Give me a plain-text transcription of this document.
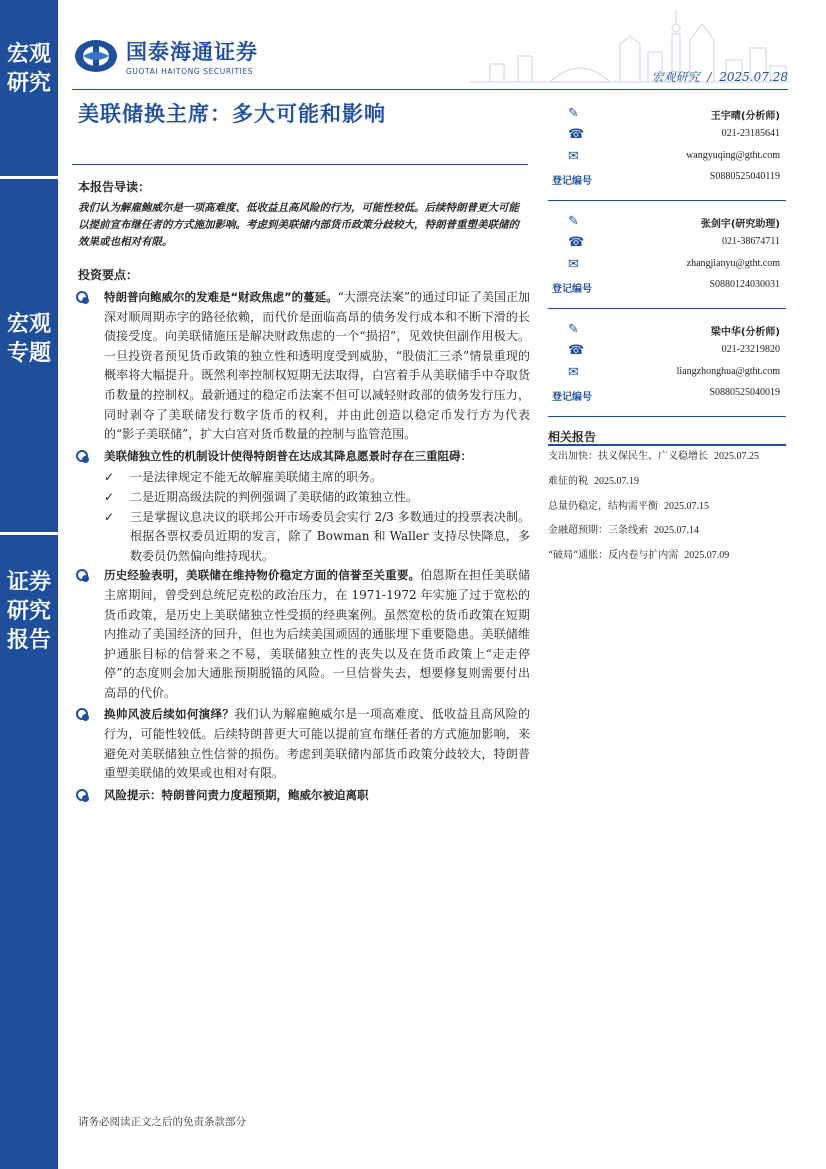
宏观研究
宏观专题
证券研究报告
国泰海通证券
GUOTAI HAITONG SECURITIES	宏观研究 / 2025.07.28
美联储换主席：多大可能和影响
本报告导读：
我们认为解雇鲍威尔是一项高难度、低收益且高风险的行为，可能性较低。后续特朗普更大可能以提前宣布继任者的方式施加影响。考虑到美联储内部货币政策分歧较大，特朗普重塑美联储的效果或也相对有限。
投资要点：
特朗普向鲍威尔的发难是“财政焦虑”的蔓延。“大漂亮法案”的通过印证了美国正加深对顺周期赤字的路径依赖，而代价是面临高昂的债务发行成本和不断下滑的长债接受度。向美联储施压是解决财政焦虑的一个“损招”，见效快但副作用极大。一旦投资者预见货币政策的独立性和透明度受到威胁，“股债汇三杀”情景重现的概率将大幅提升。既然利率控制权短期无法取得，白宫着手从美联储手中夺取货币数量的控制权。最新通过的稳定币法案不但可以减轻财政部的债务发行压力，同时剥夺了美联储发行数字货币的权利，并由此创造以稳定币发行方为代表的“影子美联储”，扩大白宫对货币数量的控制与监管范围。
美联储独立性的机制设计使得特朗普在达成其降息愿景时存在三重阻碍：
✓ 一是法律规定不能无故解雇美联储主席的职务。
✓ 二是近期高级法院的判例强调了美联储的政策独立性。
✓ 三是掌握议息决议的联邦公开市场委员会实行 2/3 多数通过的投票表决制。根据各票权委员近期的发言，除了 Bowman 和 Waller 支持尽快降息，多数委员仍然偏向维持现状。
历史经验表明，美联储在维持物价稳定方面的信誉至关重要。伯恩斯在担任美联储主席期间，曾受到总统尼克松的政治压力，在 1971-1972 年实施了过于宽松的货币政策，是历史上美联储独立性受损的经典案例。虽然宽松的货币政策在短期内推动了美国经济的回升，但也为后续美国顽固的通胀埋下重要隐患。美联储维护通胀目标的信誉来之不易，美联储独立性的丧失以及在货币政策上“走走停停”的态度则会加大通胀预期脱锚的风险。一旦信誉失去，想要修复则需要付出高昂的代价。
换帅风波后续如何演绎？我们认为解雇鲍威尔是一项高难度、低收益且高风险的行为，可能性较低。后续特朗普更大可能以提前宣布继任者的方式施加影响，来避免对美联储独立性信誉的损伤。考虑到美联储内部货币政策分歧较大，特朗普重塑美联储的效果或也相对有限。
风险提示：特朗普问责力度超预期，鲍威尔被迫离职
✎	王宇晴(分析师)
☎	021-23185641
✉	wangyuqing@gtht.com
登记编号	S0880525040119
✎	张剑宇(研究助理)
☎	021-38674711
✉	zhangjianyu@gtht.com
登记编号	S0880124030031
✎	梁中华(分析师)
☎	021-23219820
✉	liangzhonghua@gtht.com
登记编号	S0880525040019
相关报告
支出加快：扶义保民生、广义稳增长 2025.07.25
难征的税 2025.07.19
总量仍稳定，结构需平衡 2025.07.15
金融超预期：三条线索 2025.07.14
“破局”通胀：反内卷与扩内需 2025.07.09
请务必阅读正文之后的免责条款部分
